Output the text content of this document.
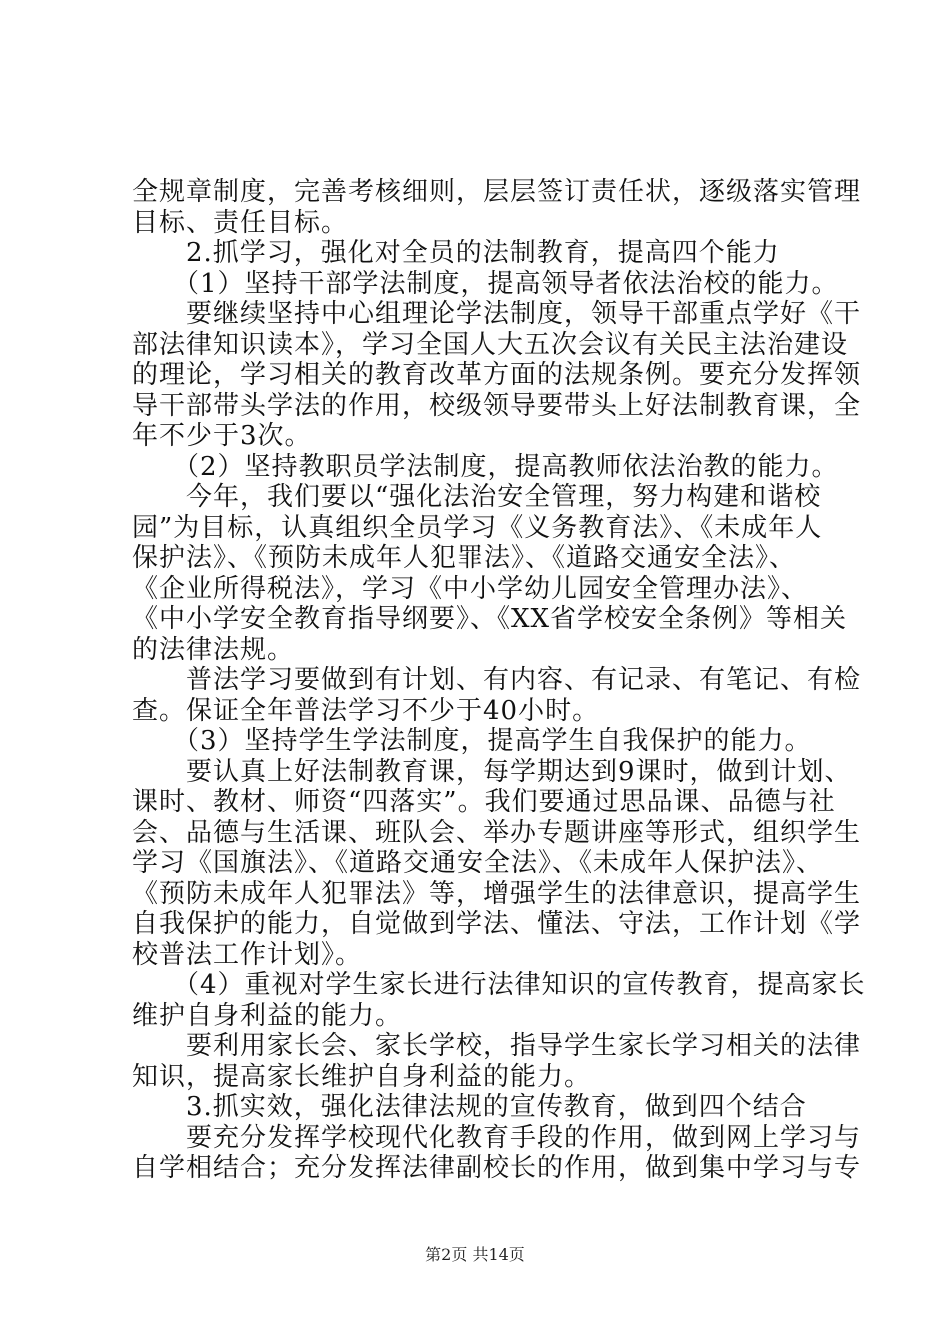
全规章制度，完善考核细则，层层签订责任状，逐级落实管理
目标、责任目标。
　　2.抓学习，强化对全员的法制教育，提高四个能力
　　（1）坚持干部学法制度，提高领导者依法治校的能力。
　　要继续坚持中心组理论学法制度，领导干部重点学好《干
部法律知识读本》，学习全国人大五次会议有关民主法治建设
的理论，学习相关的教育改革方面的法规条例。要充分发挥领
导干部带头学法的作用，校级领导要带头上好法制教育课，全
年不少于3次。
　　（2）坚持教职员学法制度，提高教师依法治教的能力。
　　今年，我们要以“强化法治安全管理，努力构建和谐校
园”为目标，认真组织全员学习《义务教育法》、《未成年人
保护法》、《预防未成年人犯罪法》、《道路交通安全法》、
《企业所得税法》，学习《中小学幼儿园安全管理办法》、
《中小学安全教育指导纲要》、《XX省学校安全条例》等相关
的法律法规。
　　普法学习要做到有计划、有内容、有记录、有笔记、有检
查。保证全年普法学习不少于40小时。
　　（3）坚持学生学法制度，提高学生自我保护的能力。
　　要认真上好法制教育课，每学期达到9课时，做到计划、
课时、教材、师资“四落实”。我们要通过思品课、品德与社
会、品德与生活课、班队会、举办专题讲座等形式，组织学生
学习《国旗法》、《道路交通安全法》、《未成年人保护法》、
《预防未成年人犯罪法》等，增强学生的法律意识，提高学生
自我保护的能力，自觉做到学法、懂法、守法，工作计划《学
校普法工作计划》。
　　（4）重视对学生家长进行法律知识的宣传教育，提高家长
维护自身利益的能力。
　　要利用家长会、家长学校，指导学生家长学习相关的法律
知识，提高家长维护自身利益的能力。
　　3.抓实效，强化法律法规的宣传教育，做到四个结合
　　要充分发挥学校现代化教育手段的作用，做到网上学习与
自学相结合；充分发挥法律副校长的作用，做到集中学习与专
第2页 共14页
